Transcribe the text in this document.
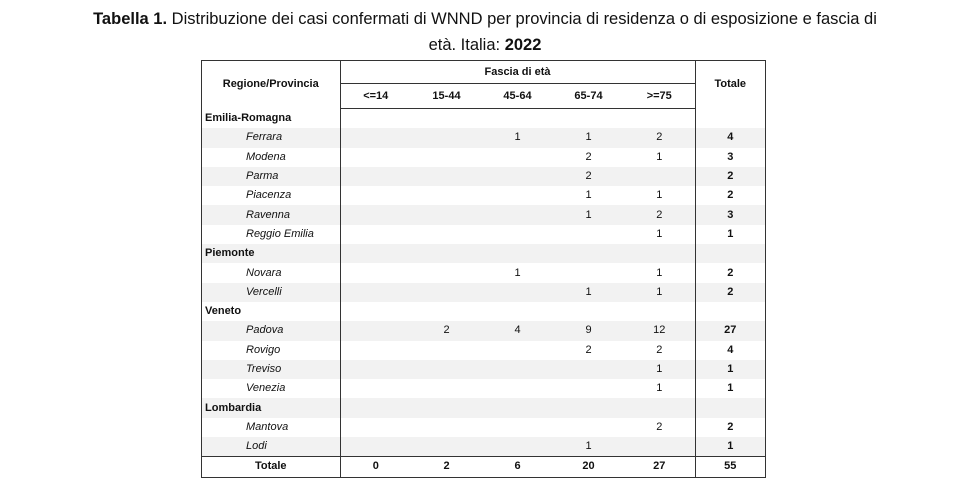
Tabella 1. Distribuzione dei casi confermati di WNND per provincia di residenza o di esposizione e fascia di
età. Italia: 2022
Regione/Provincia	Fascia di età					Totale
	<=14	15-44	45-64	65-74	>=75	
Emilia-Romagna						
Ferrara			1	1	2	4
Modena				2	1	3
Parma				2		2
Piacenza				1	1	2
Ravenna				1	2	3
Reggio Emilia					1	1
Piemonte						
Novara			1		1	2
Vercelli				1	1	2
Veneto						
Padova		2	4	9	12	27
Rovigo				2	2	4
Treviso					1	1
Venezia					1	1
Lombardia						
Mantova					2	2
Lodi				1		1
Totale	0	2	6	20	27	55
